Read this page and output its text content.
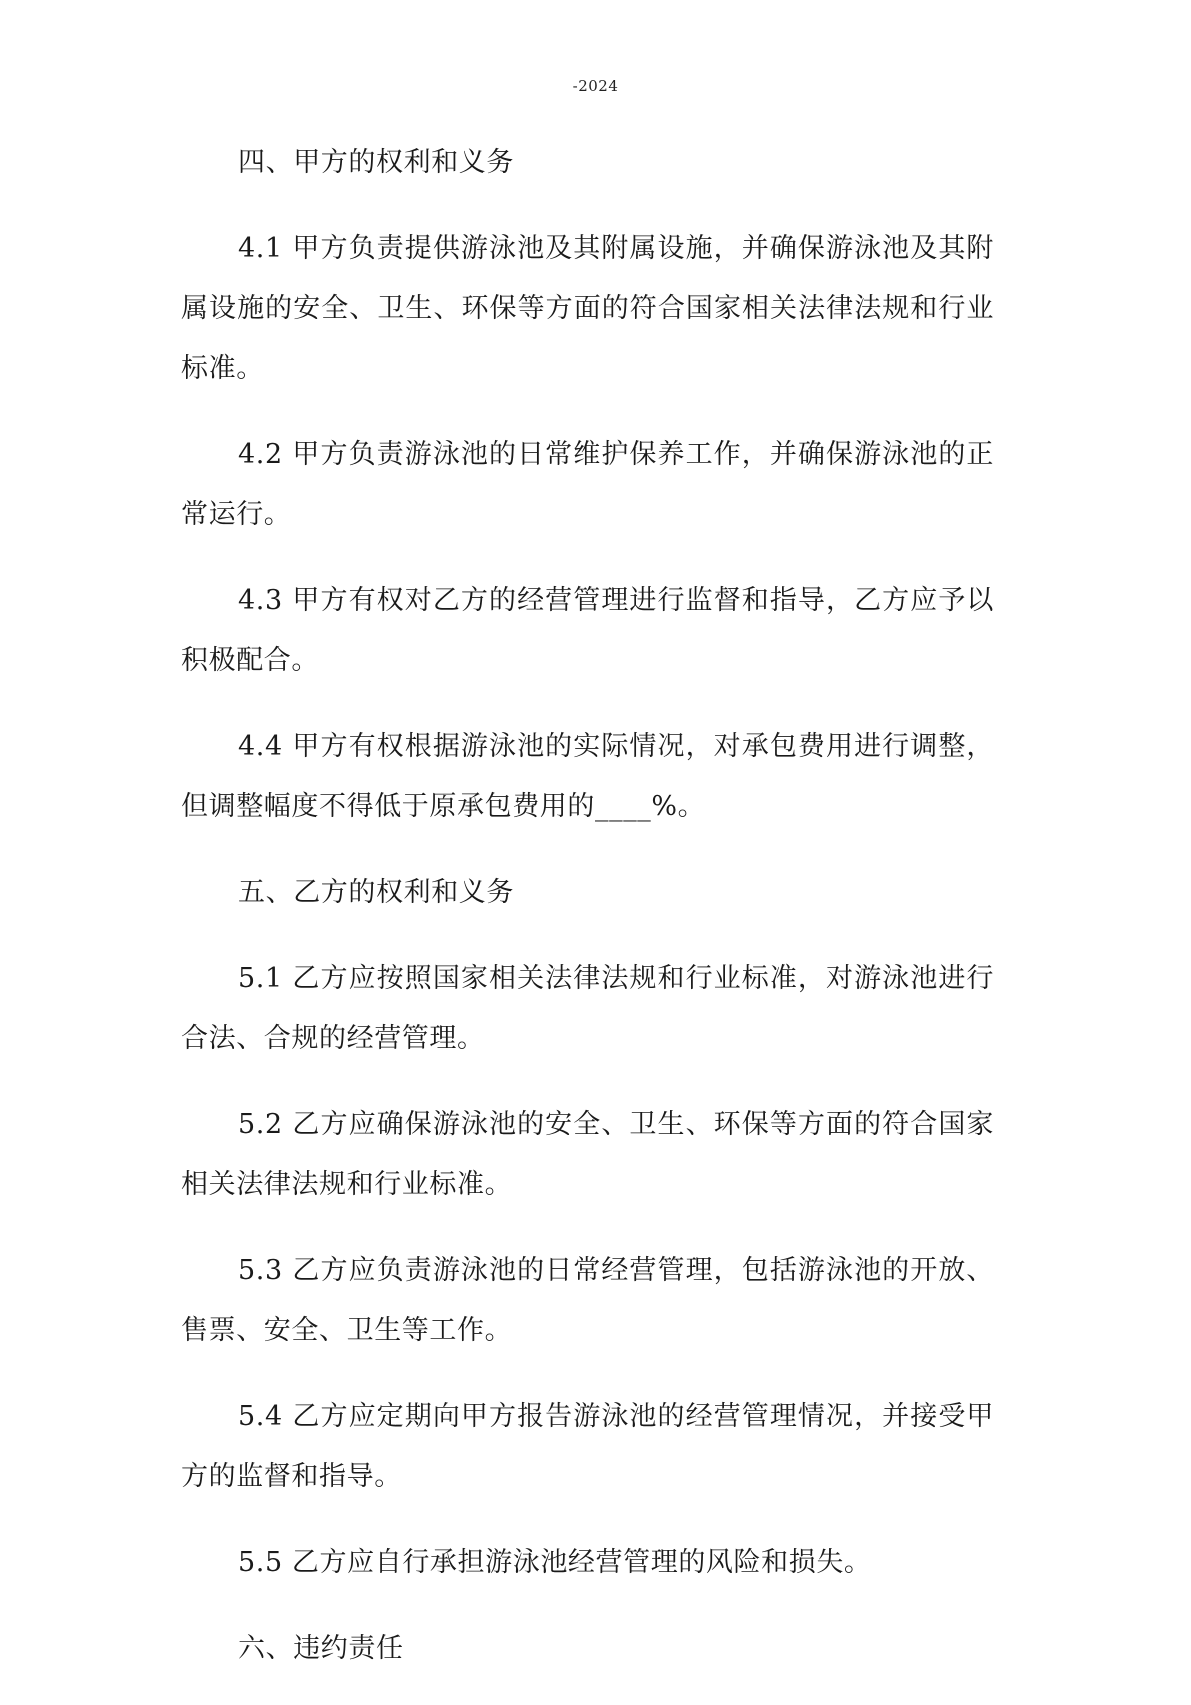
-2024

四、甲方的权利和义务

4.1 甲方负责提供游泳池及其附属设施，并确保游泳池及其附属设施的安全、卫生、环保等方面的符合国家相关法律法规和行业标准。

4.2 甲方负责游泳池的日常维护保养工作，并确保游泳池的正常运行。

4.3 甲方有权对乙方的经营管理进行监督和指导，乙方应予以积极配合。

4.4 甲方有权根据游泳池的实际情况，对承包费用进行调整，但调整幅度不得低于原承包费用的____%。

五、乙方的权利和义务

5.1 乙方应按照国家相关法律法规和行业标准，对游泳池进行合法、合规的经营管理。

5.2 乙方应确保游泳池的安全、卫生、环保等方面的符合国家相关法律法规和行业标准。

5.3 乙方应负责游泳池的日常经营管理，包括游泳池的开放、售票、安全、卫生等工作。

5.4 乙方应定期向甲方报告游泳池的经营管理情况，并接受甲方的监督和指导。

5.5 乙方应自行承担游泳池经营管理的风险和损失。

六、违约责任
